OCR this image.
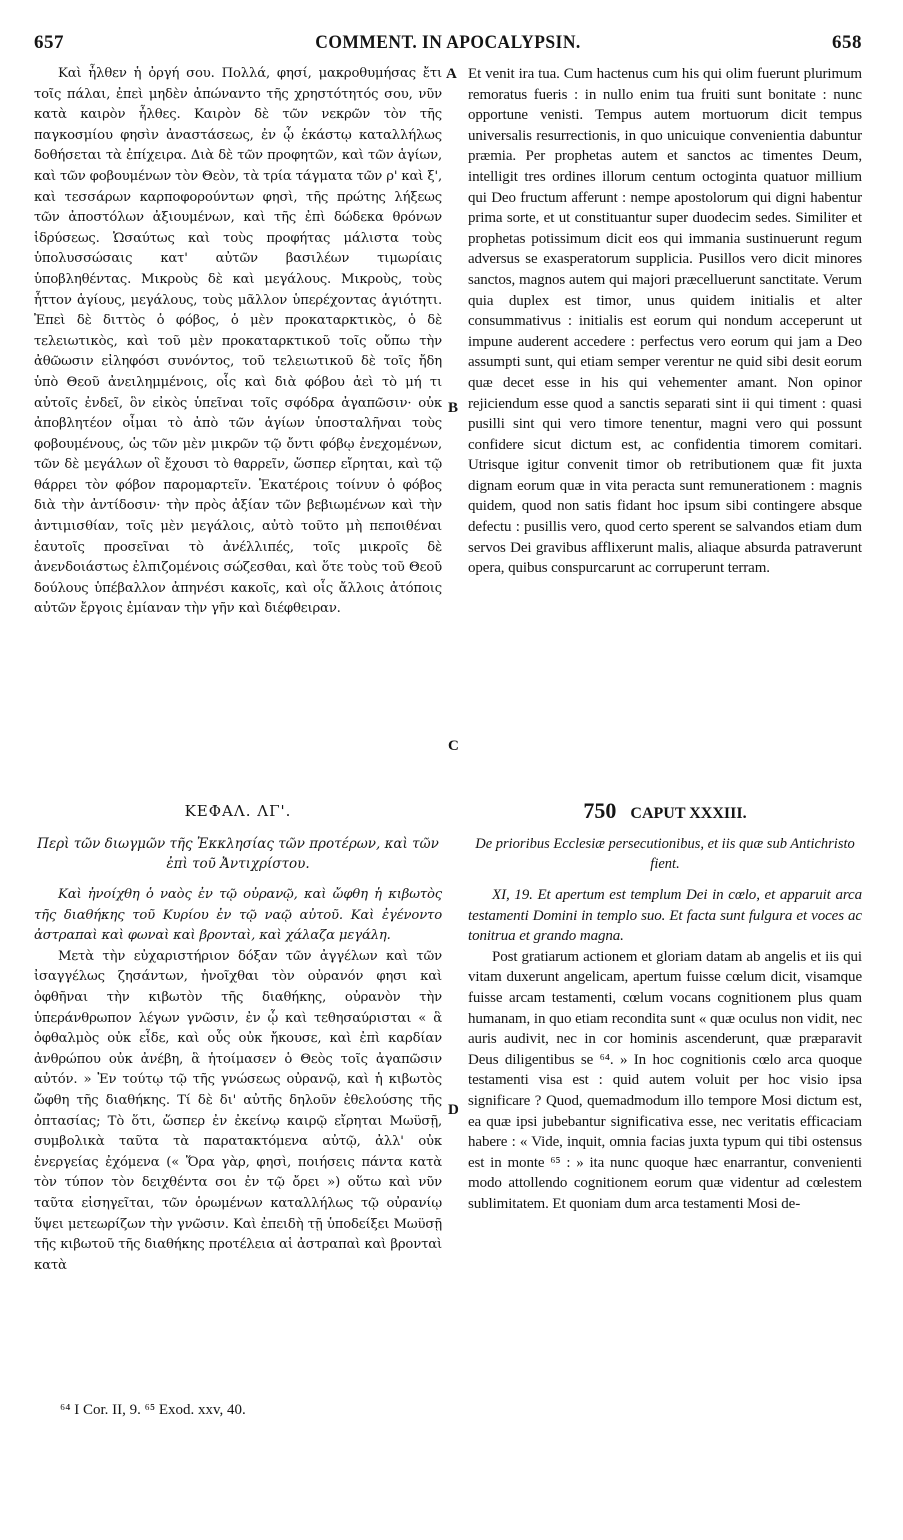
657	COMMENT. IN APOCALYPSIN.	658

Καὶ ἦλθεν ἡ ὀργή σου. Πολλά, φησί, μακροθυμήσας ἔτι τοῖς πάλαι, ἐπεὶ μηδὲν ἀπώναντο τῆς χρηστότητός σου, νῦν κατὰ καιρὸν ἦλθες. Καιρὸν δὲ τῶν νεκρῶν τὸν τῆς παγκοσμίου φησὶν ἀναστάσεως, ἐν ᾧ ἑκάστῳ καταλλήλως δοθήσεται τὰ ἐπίχειρα. Διὰ δὲ τῶν προφητῶν, καὶ τῶν ἁγίων, καὶ τῶν φοβουμένων τὸν Θεὸν, τὰ τρία τάγματα τῶν ρ' καὶ ξ', καὶ τεσσάρων καρποφορούντων φησὶ, τῆς πρώτης λήξεως τῶν ἀποστόλων ἀξιουμένων, καὶ τῆς ἐπὶ δώδεκα θρόνων ἱδρύσεως. Ὡσαύτως καὶ τοὺς προφήτας μάλιστα τοὺς ὑπολυσσώσαις κατ' αὐτῶν βασιλέων τιμωρίαις ὑποβληθέντας. Μικροὺς δὲ καὶ μεγάλους. Μικροὺς, τοὺς ἧττον ἁγίους, μεγάλους, τοὺς μᾶλλον ὑπερέχοντας ἁγιότητι. Ἐπεὶ δὲ διττὸς ὁ φόβος, ὁ μὲν προκαταρκτικὸς, ὁ δὲ τελειωτικὸς, καὶ τοῦ μὲν προκαταρκτικοῦ τοῖς οὔπω τὴν ἀθῶωσιν εἰληφόσι συνόντος, τοῦ τελειωτικοῦ δὲ τοῖς ἤδη ὑπὸ Θεοῦ ἀνειλημμένοις, οἷς καὶ διὰ φόβου ἀεὶ τὸ μή τι αὐτοῖς ἐνδεῖ, ὃν εἰκὸς ὑπεῖναι τοῖς σφόδρα ἀγαπῶσιν· οὐκ ἀποβλητέον οἶμαι τὸ ἀπὸ τῶν ἁγίων ὑποσταλῆναι τοὺς φοβουμένους, ὡς τῶν μὲν μικρῶν τῷ ὄντι φόβῳ ἐνεχομένων, τῶν δὲ μεγάλων οἳ ἔχουσι τὸ θαρρεῖν, ὥσπερ εἴρηται, καὶ τῷ θάρρει τὸν φόβον παρομαρτεῖν. Ἑκατέροις τοίνυν ὁ φόβος διὰ τὴν ἀντίδοσιν· τὴν πρὸς ἀξίαν τῶν βεβιωμένων καὶ τὴν ἀντιμισθίαν, τοῖς μὲν μεγάλοις, αὐτὸ τοῦτο μὴ πεποιθέναι ἑαυτοῖς προσεῖναι τὸ ἀνέλλιπές, τοῖς μικροῖς δὲ ἀνενδοιάστως ἐλπιζομένοις σώζεσθαι, καὶ ὅτε τοὺς τοῦ Θεοῦ δούλους ὑπέβαλλον ἀπηνέσι κακοῖς, καὶ οἷς ἄλλοις ἀτόποις αὐτῶν ἔργοις ἐμίαναν τὴν γῆν καὶ διέφθειραν.

Et venit ira tua. Cum hactenus cum his qui olim fuerunt plurimum remoratus fueris : in nullo enim tua fruiti sunt bonitate : nunc opportune venisti. Tempus autem mortuorum dicit tempus universalis resurrectionis, in quo unicuique convenientia dabuntur præmia. Per prophetas autem et sanctos ac timentes Deum, intelligit tres ordines illorum centum octoginta quatuor millium qui Deo fructum afferunt : nempe apostolorum qui digni habentur prima sorte, et ut constituantur super duodecim sedes. Similiter et prophetas potissimum dicit eos qui immania sustinuerunt regum adversus se exasperatorum supplicia. Pusillos vero dicit minores sanctos, magnos autem qui majori præcelluerunt sanctitate. Verum quia duplex est timor, unus quidem initialis et alter consummativus : initialis est eorum qui nondum acceperunt ut impune auderent accedere : perfectus vero eorum qui jam a Deo assumpti sunt, qui etiam semper verentur ne quid sibi desit eorum quæ decet esse in his qui vehementer amant. Non opinor rejiciendum esse quod a sanctis separati sint ii qui timent : quasi pusilli sint qui vero timore tenentur, magni vero qui possunt confidere sicut dictum est, ac confidentia timorem comitari. Utrisque igitur convenit timor ob retributionem quæ fit juxta dignam eorum quæ in vita peracta sunt remunerationem : magnis quidem, quod non satis fidant hoc ipsum sibi contingere absque defectu : pusillis vero, quod certo sperent se salvandos etiam dum servos Dei gravibus afflixerunt malis, aliaque absurda patraverunt opera, quibus conspurcarunt ac corruperunt terram.

A
B
C
D
ΚΕΦΑΛ. ΛΓ'.	750 CAPUT XXXIII.
Περὶ τῶν διωγμῶν τῆς Ἐκκλησίας τῶν προτέρων, καὶ τῶν ἐπὶ τοῦ Ἀντιχρίστου.
De prioribus Ecclesiæ persecutionibus, et iis quæ sub Antichristo fient.

Καὶ ἠνοίχθη ὁ ναὸς ἐν τῷ οὐρανῷ, καὶ ὤφθη ἡ κιβωτὸς τῆς διαθήκης τοῦ Κυρίου ἐν τῷ ναῷ αὐτοῦ. Καὶ ἐγένοντο ἀστραπαὶ καὶ φωναὶ καὶ βρονταὶ, καὶ χάλαζα μεγάλη.

Μετὰ τὴν εὐχαριστήριον δόξαν τῶν ἀγγέλων καὶ τῶν ἰσαγγέλως ζησάντων, ἠνοῖχθαι τὸν οὐρανόν φησι καὶ ὀφθῆναι τὴν κιβωτὸν τῆς διαθήκης, οὐρανὸν τὴν ὑπεράνθρωπον λέγων γνῶσιν, ἐν ᾧ καὶ τεθησαύρισται « ἃ ὀφθαλμὸς οὐκ εἶδε, καὶ οὖς οὐκ ἤκουσε, καὶ ἐπὶ καρδίαν ἀνθρώπου οὐκ ἀνέβη, ἃ ἡτοίμασεν ὁ Θεὸς τοῖς ἀγαπῶσιν αὐτόν. » Ἐν τούτῳ τῷ τῆς γνώσεως οὐρανῷ, καὶ ἡ κιβωτὸς ὤφθη τῆς διαθήκης. Τί δὲ δι' αὐτῆς δηλοῦν ἐθελούσης τῆς ὀπτασίας; Τὸ ὅτι, ὥσπερ ἐν ἐκείνῳ καιρῷ εἴρηται Μωϋσῇ, συμβολικὰ ταῦτα τὰ παρατακτόμενα αὐτῷ, ἀλλ' οὐκ ἐνεργείας ἐχόμενα (« Ὅρα γὰρ, φησὶ, ποιήσεις πάντα κατὰ τὸν τύπον τὸν δειχθέντα σοι ἐν τῷ ὄρει ») οὕτω καὶ νῦν ταῦτα εἰσηγεῖται, τῶν ὁρωμένων καταλλήλως τῷ οὐρανίῳ ὕψει μετεωρίζων τὴν γνῶσιν. Καὶ ἐπειδὴ τῇ ὑποδείξει Μωϋσῇ τῆς κιβωτοῦ τῆς διαθήκης προτέλεια αἱ ἀστραπαὶ καὶ βρονταὶ κατὰ

XI, 19. Et apertum est templum Dei in cœlo, et apparuit arca testamenti Domini in templo suo. Et facta sunt fulgura et voces ac tonitrua et grando magna.

Post gratiarum actionem et gloriam datam ab angelis et iis qui vitam duxerunt angelicam, apertum fuisse cœlum dicit, visamque fuisse arcam testamenti, cœlum vocans cognitionem plus quam humanam, in quo etiam recondita sunt « quæ oculus non vidit, nec auris audivit, nec in cor hominis ascenderunt, quæ præparavit Deus diligentibus se ⁶⁴. » In hoc cognitionis cœlo arca quoque testamenti visa est : quid autem voluit per hoc visio ipsa significare ? Quod, quemadmodum illo tempore Mosi dictum est, ea quæ ipsi jubebantur significativa esse, nec veritatis efficaciam habere : « Vide, inquit, omnia facias juxta typum qui tibi ostensus est in monte ⁶⁵ : » ita nunc quoque hæc enarrantur, convenienti modo attollendo cognitionem eorum quæ videntur ad cœlestem sublimitatem. Et quoniam dum arca testamenti Mosi de-

⁶⁴ I Cor. II, 9. ⁶⁵ Exod. xxv, 40.
